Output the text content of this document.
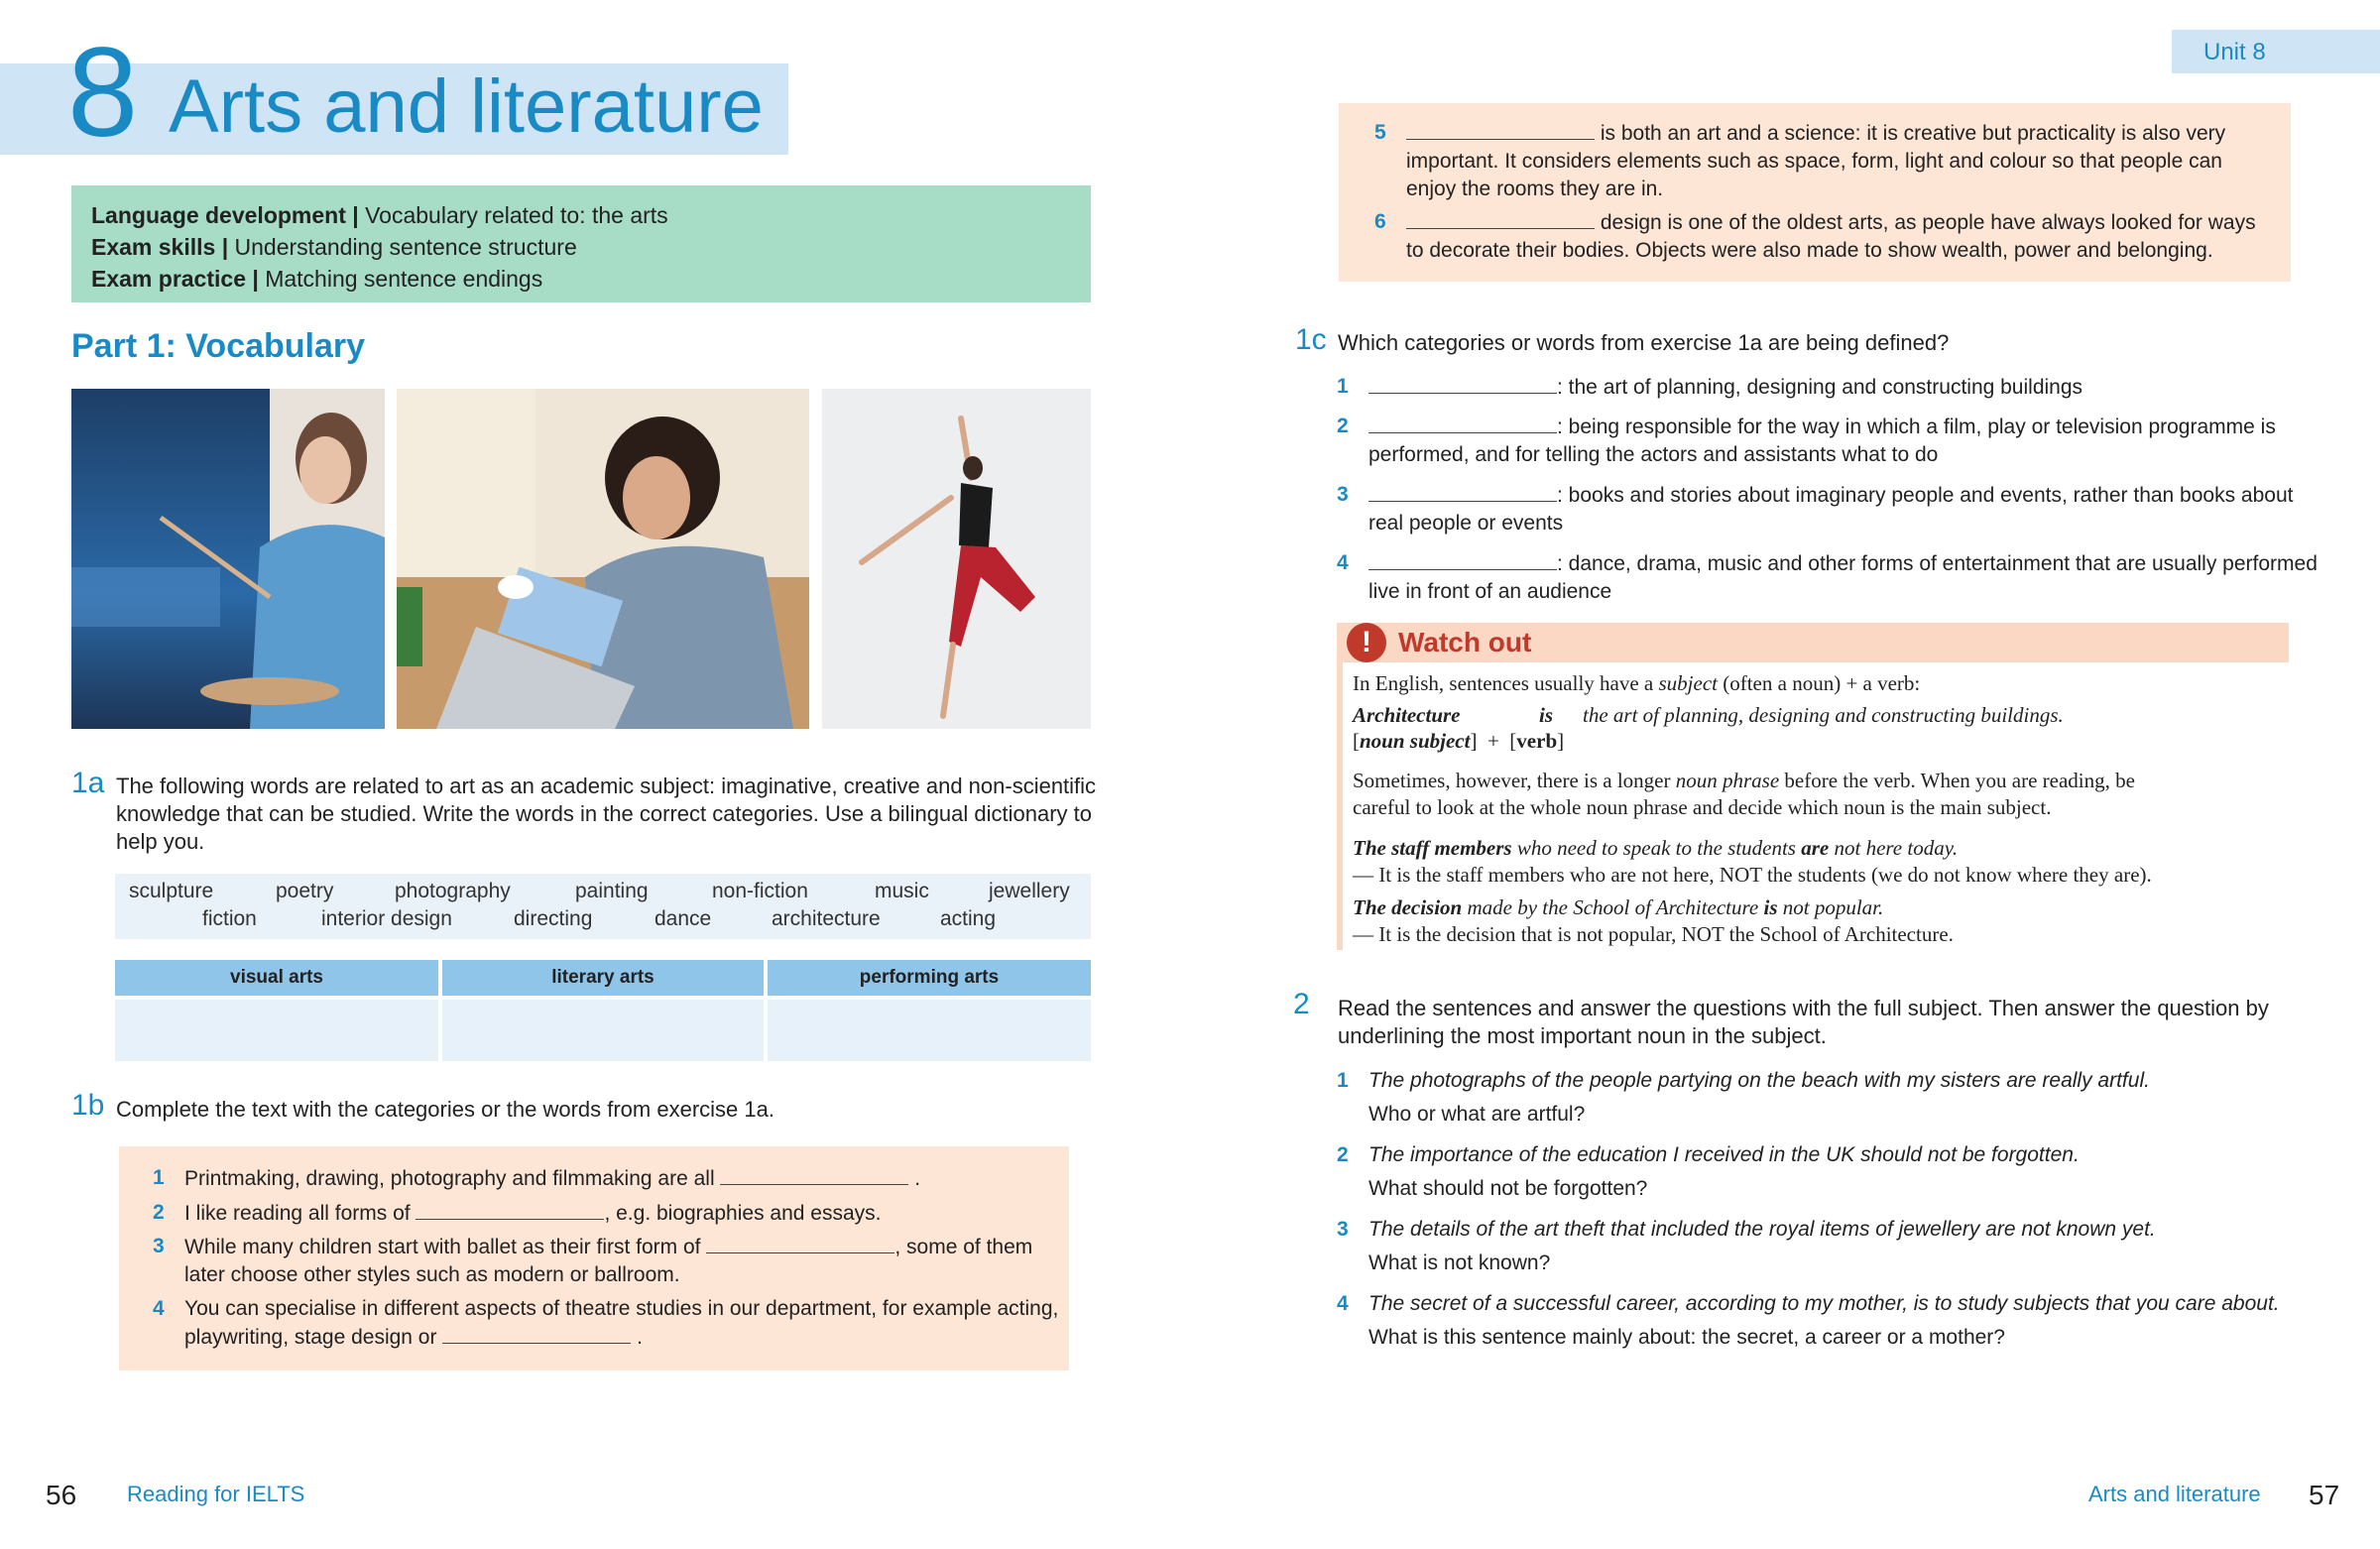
8 Arts and literature
Language development | Vocabulary related to: the arts
Exam skills | Understanding sentence structure
Exam practice | Matching sentence endings
Part 1: Vocabulary
1a The following words are related to art as an academic subject: imaginative, creative and non-scientific knowledge that can be studied. Write the words in the correct categories. Use a bilingual dictionary to help you.
sculpture	poetry	photography	painting	non-fiction	music	jewellery
fiction	interior design	directing	dance	architecture	acting
visual arts	literary arts	performing arts
1b Complete the text with the categories or the words from exercise 1a.
1 Printmaking, drawing, photography and filmmaking are all	.
2 I like reading all forms of	, e.g. biographies and essays.
3 While many children start with ballet as their first form of	, some of them
later choose other styles such as modern or ballroom.
4 You can specialise in different aspects of theatre studies in our department, for example acting,
playwriting, stage design or	.
56 Reading for IELTS
Unit 8
5	is both an art and a science: it is creative but practicality is also very
important. It considers elements such as space, form, light and colour so that people can
enjoy the rooms they are in.
6	design is one of the oldest arts, as people have always looked for ways
to decorate their bodies. Objects were also made to show wealth, power and belonging.
1c Which categories or words from exercise 1a are being defined?
1	: the art of planning, designing and constructing buildings
2	: being responsible for the way in which a film, play or television programme is
performed, and for telling the actors and assistants what to do
3	: books and stories about imaginary people and events, rather than books about
real people or events
4	: dance, drama, music and other forms of entertainment that are usually performed
live in front of an audience
! Watch out
In English, sentences usually have a subject (often a noun) + a verb:
Architecture	is the art of planning, designing and constructing buildings.
[noun subject]  +  [verb]
Sometimes, however, there is a longer noun phrase before the verb. When you are reading, be
careful to look at the whole noun phrase and decide which noun is the main subject.
The staff members who need to speak to the students are not here today.
— It is the staff members who are not here, NOT the students (we do not know where they are).
The decision made by the School of Architecture is not popular.
— It is the decision that is not popular, NOT the School of Architecture.
2 Read the sentences and answer the questions with the full subject. Then answer the question by
underlining the most important noun in the subject.
1 The photographs of the people partying on the beach with my sisters are really artful.
Who or what are artful?
2 The importance of the education I received in the UK should not be forgotten.
What should not be forgotten?
3 The details of the art theft that included the royal items of jewellery are not known yet.
What is not known?
4 The secret of a successful career, according to my mother, is to study subjects that you care about.
What is this sentence mainly about: the secret, a career or a mother?
Arts and literature 57
